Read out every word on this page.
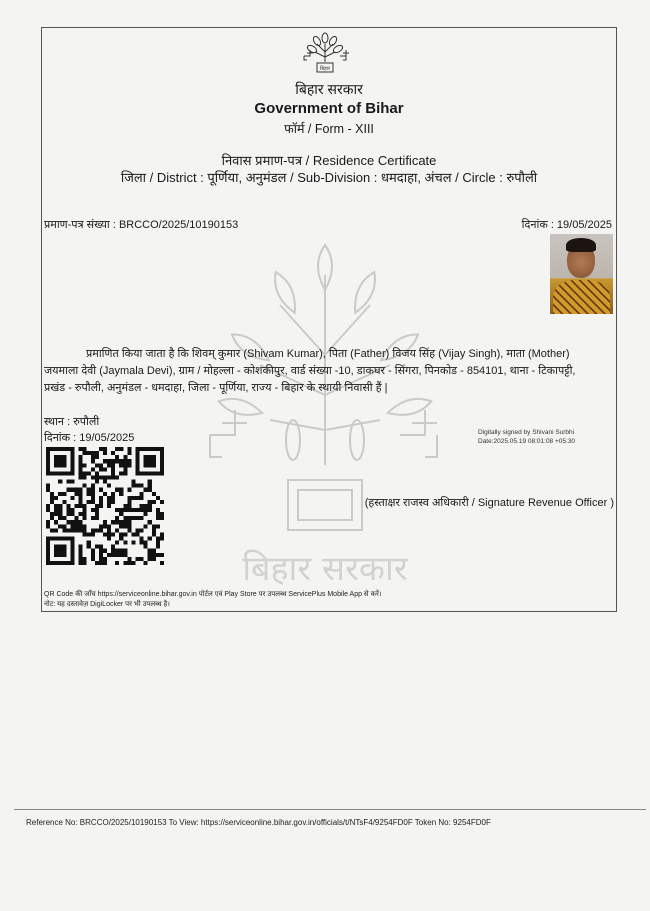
बिहार
बिहार सरकार
बिहार सरकार
Government of Bihar
फॉर्म / Form - XIII
निवास प्रमाण-पत्र / Residence Certificate
जिला / District : पूर्णिया, अनुमंडल / Sub-Division : धमदाहा, अंचल / Circle : रुपौली
प्रमाण-पत्र संख्या : BRCCO/2025/10190153	दिनांक : 19/05/2025

प्रमाणित किया जाता है कि शिवम् कुमार (Shivam Kumar), पिता (Father) विजय सिंह (Vijay Singh), माता (Mother)

जयमाला देवी (Jaymala Devi), ग्राम / मोहल्ला - कोशकीपुर, वार्ड संख्या -10, डाकघर - सिंगरा, पिनकोड - 854101, थाना - टिकापट्टी,
प्रखंड - रुपौली, अनुमंडल - धमदाहा, जिला - पूर्णिया, राज्य - बिहार के स्थायी निवासी हैं |
स्थान : रुपौली
दिनांक : 19/05/2025	Digitally signed by Shivani Surbhi
Date:2025.05.19 08:01:08 +05:30
(हस्ताक्षर राजस्व अधिकारी / Signature Revenue Officer )
QR Code की जाँच https://serviceonline.bihar.gov.in पोर्टल एवं Play Store पर उपलब्ध ServicePlus Mobile App से करें।
नोट: यह दस्तावेज़ DigiLocker पर भी उपलब्ध है।
Reference No: BRCCO/2025/10190153 To View: https://serviceonline.bihar.gov.in/officials/t/NTsF4/9254FD0F Token No: 9254FD0F
